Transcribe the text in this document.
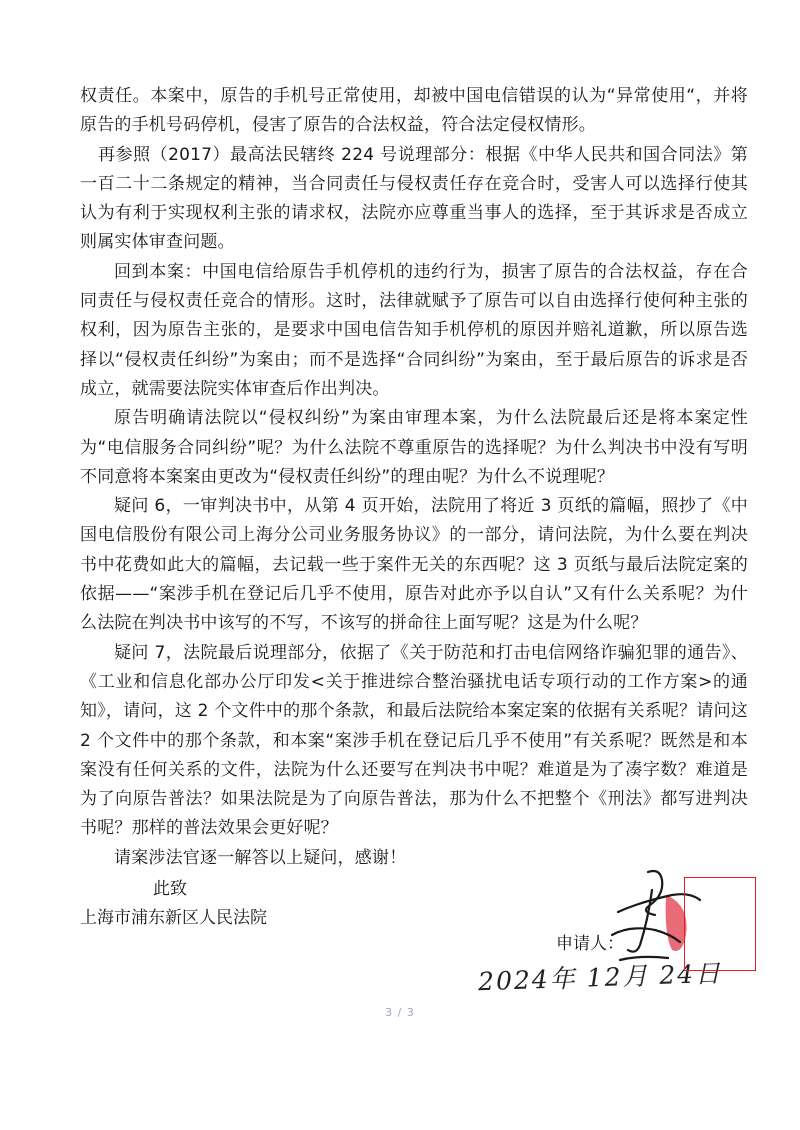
权责任。本案中，原告的手机号正常使用，却被中国电信错误的认为“异常使用“，并将原告的手机号码停机，侵害了原告的合法权益，符合法定侵权情形。

再参照（2017）最高法民辖终 224 号说理部分：根据《中华人民共和国合同法》第一百二十二条规定的精神，当合同责任与侵权责任存在竞合时，受害人可以选择行使其认为有利于实现权利主张的请求权，法院亦应尊重当事人的选择，至于其诉求是否成立则属实体审查问题。

回到本案：中国电信给原告手机停机的违约行为，损害了原告的合法权益，存在合同责任与侵权责任竞合的情形。这时，法律就赋予了原告可以自由选择行使何种主张的权利，因为原告主张的，是要求中国电信告知手机停机的原因并赔礼道歉，所以原告选择以“侵权责任纠纷”为案由；而不是选择“合同纠纷”为案由，至于最后原告的诉求是否成立，就需要法院实体审查后作出判决。

原告明确请法院以“侵权纠纷”为案由审理本案，为什么法院最后还是将本案定性为“电信服务合同纠纷”呢？为什么法院不尊重原告的选择呢？为什么判决书中没有写明不同意将本案案由更改为“侵权责任纠纷”的理由呢？为什么不说理呢？

疑问 6，一审判决书中，从第 4 页开始，法院用了将近 3 页纸的篇幅，照抄了《中国电信股份有限公司上海分公司业务服务协议》的一部分，请问法院，为什么要在判决书中花费如此大的篇幅，去记载一些于案件无关的东西呢？这 3 页纸与最后法院定案的依据——“案涉手机在登记后几乎不使用，原告对此亦予以自认”又有什么关系呢？为什么法院在判决书中该写的不写，不该写的拼命往上面写呢？这是为什么呢？

疑问 7，法院最后说理部分，依据了《关于防范和打击电信网络诈骗犯罪的通告》、《工业和信息化部办公厅印发<关于推进综合整治骚扰电话专项行动的工作方案>的通知》，请问，这 2 个文件中的那个条款，和最后法院给本案定案的依据有关系呢？请问这 2 个文件中的那个条款，和本案“案涉手机在登记后几乎不使用”有关系呢？既然是和本案没有任何关系的文件，法院为什么还要写在判决书中呢？难道是为了凑字数？难道是为了向原告普法？如果法院是为了向原告普法，那为什么不把整个《刑法》都写进判决书呢？那样的普法效果会更好呢？

请案涉法官逐一解答以上疑问，感谢！

此致
上海市浦东新区人民法院
申请人：
2024年 12月 24日
3 / 3
